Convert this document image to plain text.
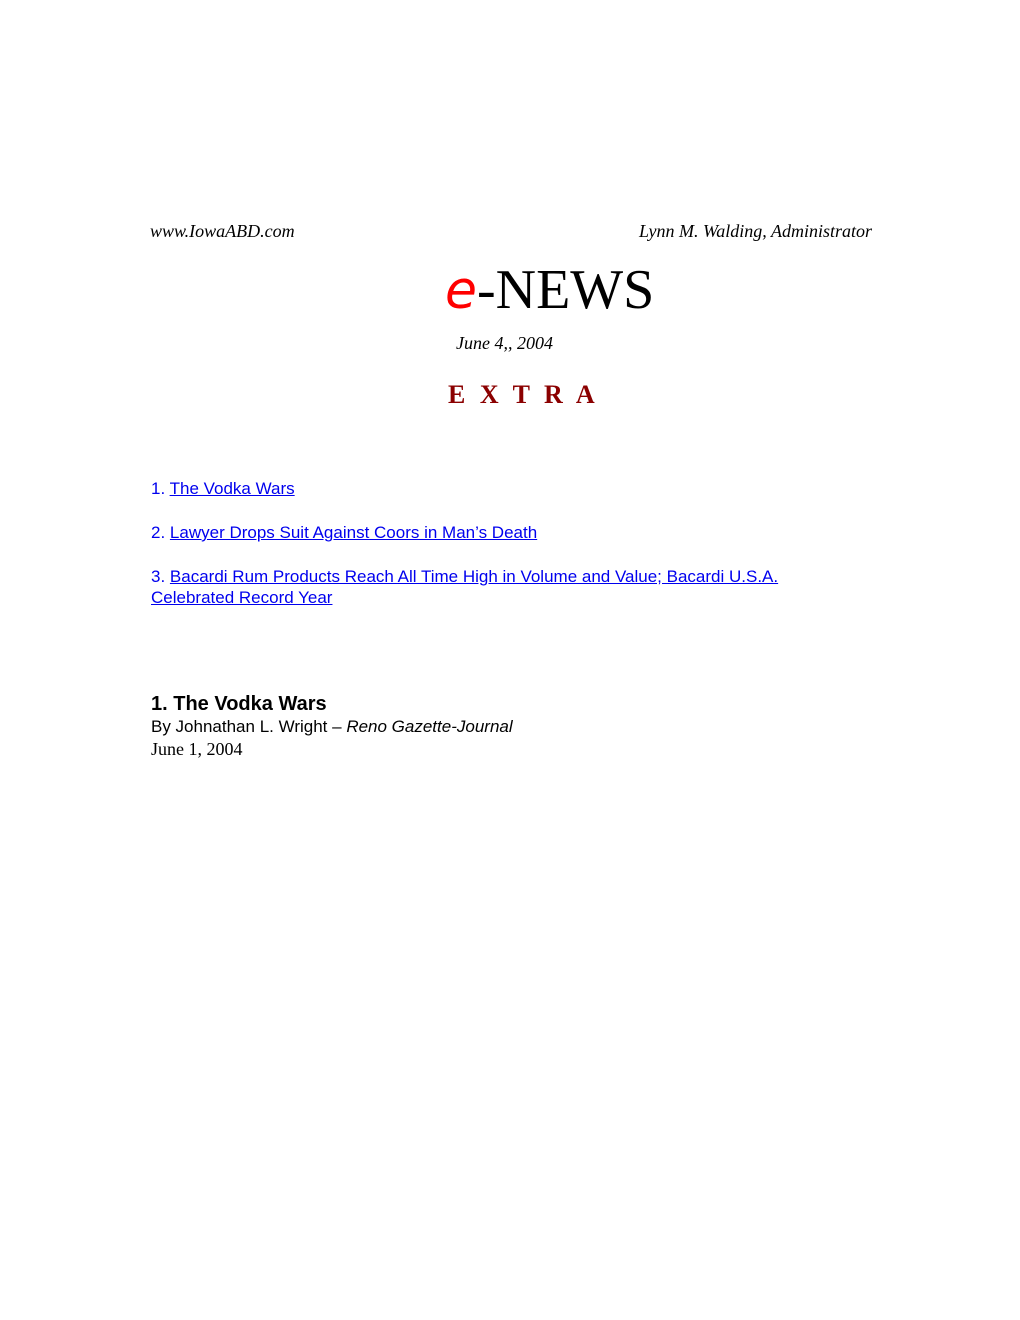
www.IowaABD.com	Lynn M. Walding, Administrator
e-NEWS
June 4,, 2004
E X T R A
1. The Vodka Wars
2. Lawyer Drops Suit Against Coors in Man’s Death
3. Bacardi Rum Products Reach All Time High in Volume and Value; Bacardi U.S.A. Celebrated Record Year
1. The Vodka Wars
By Johnathan L. Wright – Reno Gazette-Journal
June 1, 2004
